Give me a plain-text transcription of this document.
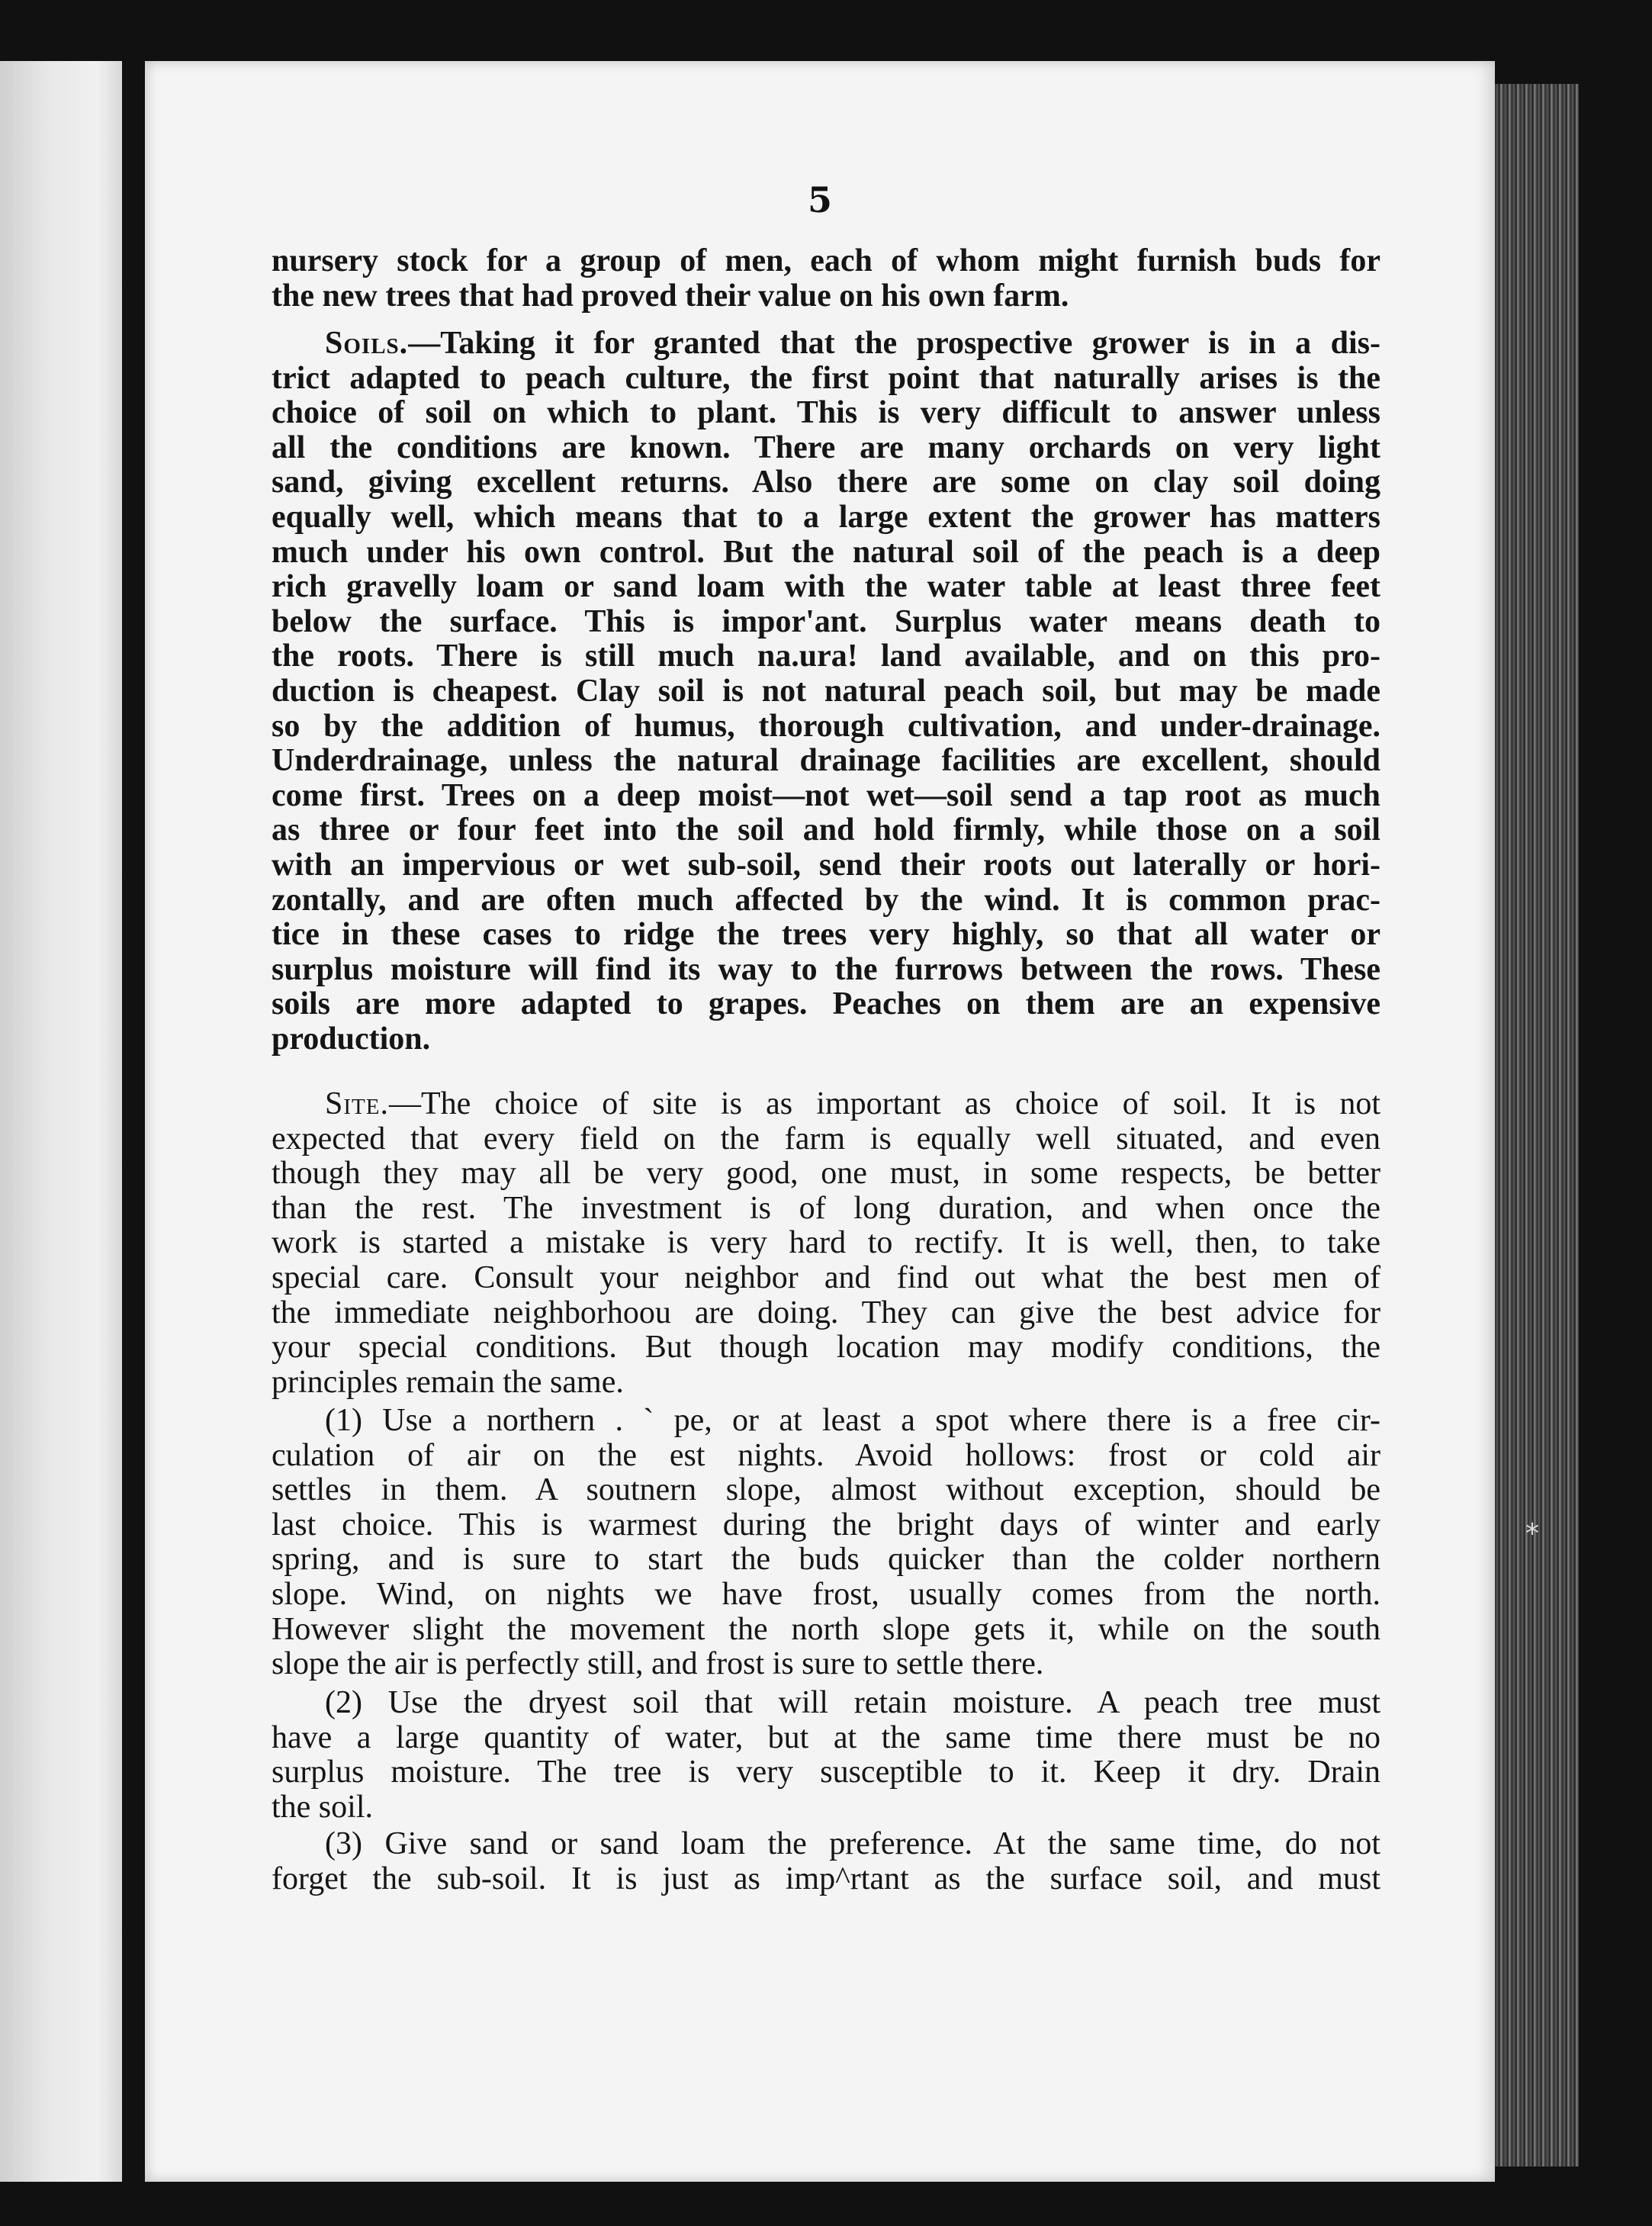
*
5
nursery stock for a group of men, each of whom might furnish buds for
the new trees that had proved their value on his own farm.
Soils.—Taking it for granted that the prospective grower is in a dis-
trict adapted to peach culture, the first point that naturally arises is the
choice of soil on which to plant. This is very difficult to answer unless
all the conditions are known. There are many orchards on very light
sand, giving excellent returns. Also there are some on clay soil doing
equally well, which means that to a large extent the grower has matters
much under his own control. But the natural soil of the peach is a deep
rich gravelly loam or sand loam with the water table at least three feet
below the surface. This is impor'ant. Surplus water means death to
the roots. There is still much na.ura! land available, and on this pro-
duction is cheapest. Clay soil is not natural peach soil, but may be made
so by the addition of humus, thorough cultivation, and under-drainage.
Underdrainage, unless the natural drainage facilities are excellent, should
come first. Trees on a deep moist—not wet—soil send a tap root as much
as three or four feet into the soil and hold firmly, while those on a soil
with an impervious or wet sub-soil, send their roots out laterally or hori-
zontally, and are often much affected by the wind. It is common prac-
tice in these cases to ridge the trees very highly, so that all water or
surplus moisture will find its way to the furrows between the rows. These
soils are more adapted to grapes. Peaches on them are an expensive
production.
Site.—The choice of site is as important as choice of soil. It is not
expected that every field on the farm is equally well situated, and even
though they may all be very good, one must, in some respects, be better
than the rest. The investment is of long duration, and when once the
work is started a mistake is very hard to rectify. It is well, then, to take
special care. Consult your neighbor and find out what the best men of
the immediate neighborhoou are doing. They can give the best advice for
your special conditions. But though location may modify conditions, the
principles remain the same.
(1) Use a northern . ` pe, or at least a spot where there is a free cir-
culation of air on the est nights. Avoid hollows: frost or cold air
settles in them. A soutnern slope, almost without exception, should be
last choice. This is warmest during the bright days of winter and early
spring, and is sure to start the buds quicker than the colder northern
slope. Wind, on nights we have frost, usually comes from the north.
However slight the movement the north slope gets it, while on the south
slope the air is perfectly still, and frost is sure to settle there.
(2) Use the dryest soil that will retain moisture. A peach tree must
have a large quantity of water, but at the same time there must be no
surplus moisture. The tree is very susceptible to it. Keep it dry. Drain
the soil.
(3) Give sand or sand loam the preference. At the same time, do not
forget the sub-soil. It is just as imp^rtant as the surface soil, and must
